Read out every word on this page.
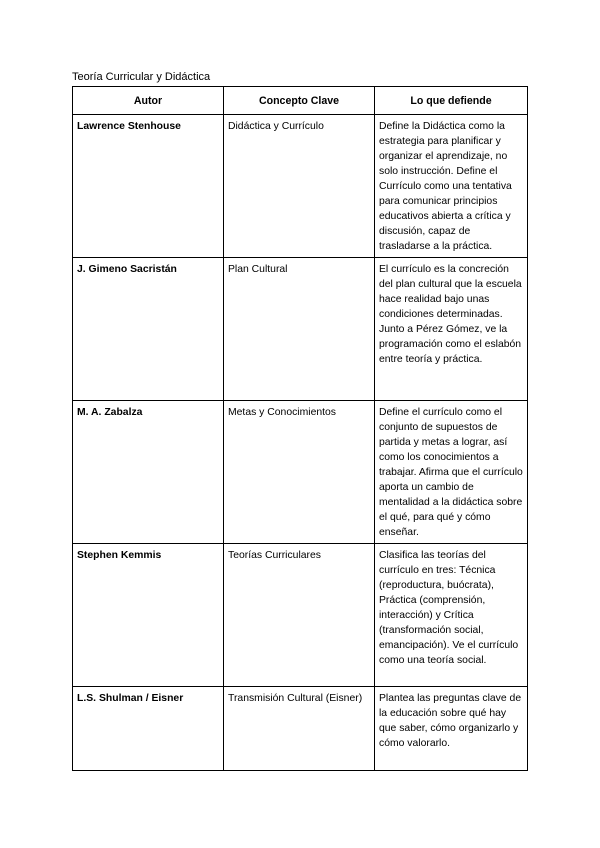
Teoría Curricular y Didáctica
Autor	Concepto Clave	Lo que defiende
Lawrence Stenhouse	Didáctica y Currículo	Define la Didáctica como la estrategia para planificar y organizar el aprendizaje, no solo instrucción. Define el Currículo como una tentativa para comunicar principios educativos abierta a crítica y discusión, capaz de trasladarse a la práctica.
J. Gimeno Sacristán	Plan Cultural	El currículo es la concreción del plan cultural que la escuela hace realidad bajo unas condiciones determinadas. Junto a Pérez Gómez, ve la programación como el eslabón entre teoría y práctica.
M. A. Zabalza	Metas y Conocimientos	Define el currículo como el conjunto de supuestos de partida y metas a lograr, así como los conocimientos a trabajar. Afirma que el currículo aporta un cambio de mentalidad a la didáctica sobre el qué, para qué y cómo enseñar.
Stephen Kemmis	Teorías Curriculares	Clasifica las teorías del currículo en tres: Técnica (reproductura, buócrata), Práctica (comprensión, interacción) y Crítica (transformación social, emancipación). Ve el currículo como una teoría social.
L.S. Shulman / Eisner	Transmisión Cultural (Eisner)	Plantea las preguntas clave de la educación sobre qué hay que saber, cómo organizarlo y cómo valorarlo.
